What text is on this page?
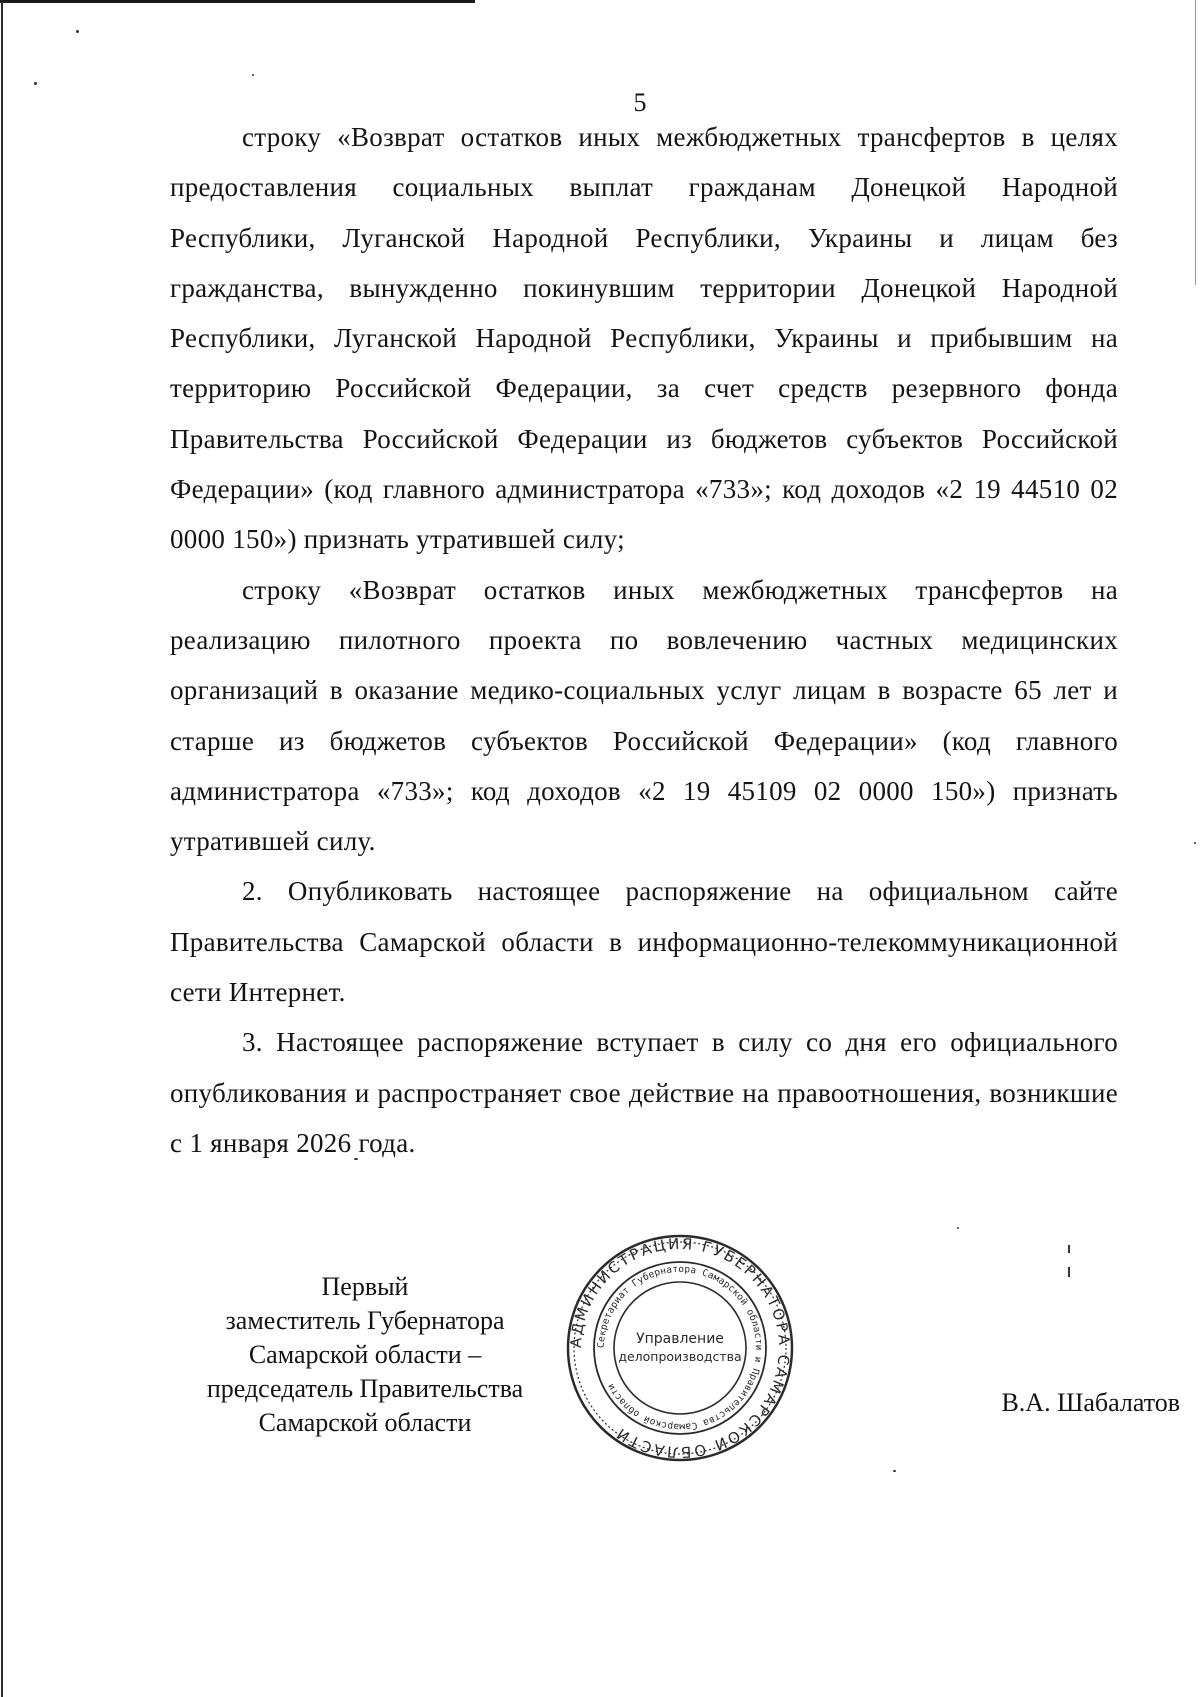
5

строку «Возврат остатков иных межбюджетных трансфертов в целях предоставления социальных выплат гражданам Донецкой Народной Республики, Луганской Народной Республики, Украины и лицам без гражданства, вынужденно покинувшим территории Донецкой Народной Республики, Луганской Народной Республики, Украины и прибывшим на территорию Российской Федерации, за счет средств резервного фонда Правительства Российской Федерации из бюджетов субъектов Российской Федерации» (код главного администратора «733»; код доходов «2 19 44510 02 0000 150») признать утратившей силу;

строку «Возврат остатков иных межбюджетных трансфертов на реализацию пилотного проекта по вовлечению частных медицинских организаций в оказание медико-социальных услуг лицам в возрасте 65 лет и старше из бюджетов субъектов Российской Федерации» (код главного администратора «733»; код доходов «2 19 45109 02 0000 150») признать утратившей силу.

2. Опубликовать настоящее распоряжение на официальном сайте Правительства Самарской области в информационно-телекоммуникационной сети Интернет.

3. Настоящее распоряжение вступает в силу со дня его официального опубликования и распространяет свое действие на правоотношения, возникшие с 1 января 2026 года.

Первый
заместитель Губернатора
Самарской области –
председатель Правительства
Самарской области
АДМИНИСТРАЦИЯ ГУБЕРНАТОРА САМАРСКОЙ ОБЛАСТИ
Секретариат Губернатора Самарской области и Правительства Самарской области
Управление
делопроизводства
В.А. Шабалатов
